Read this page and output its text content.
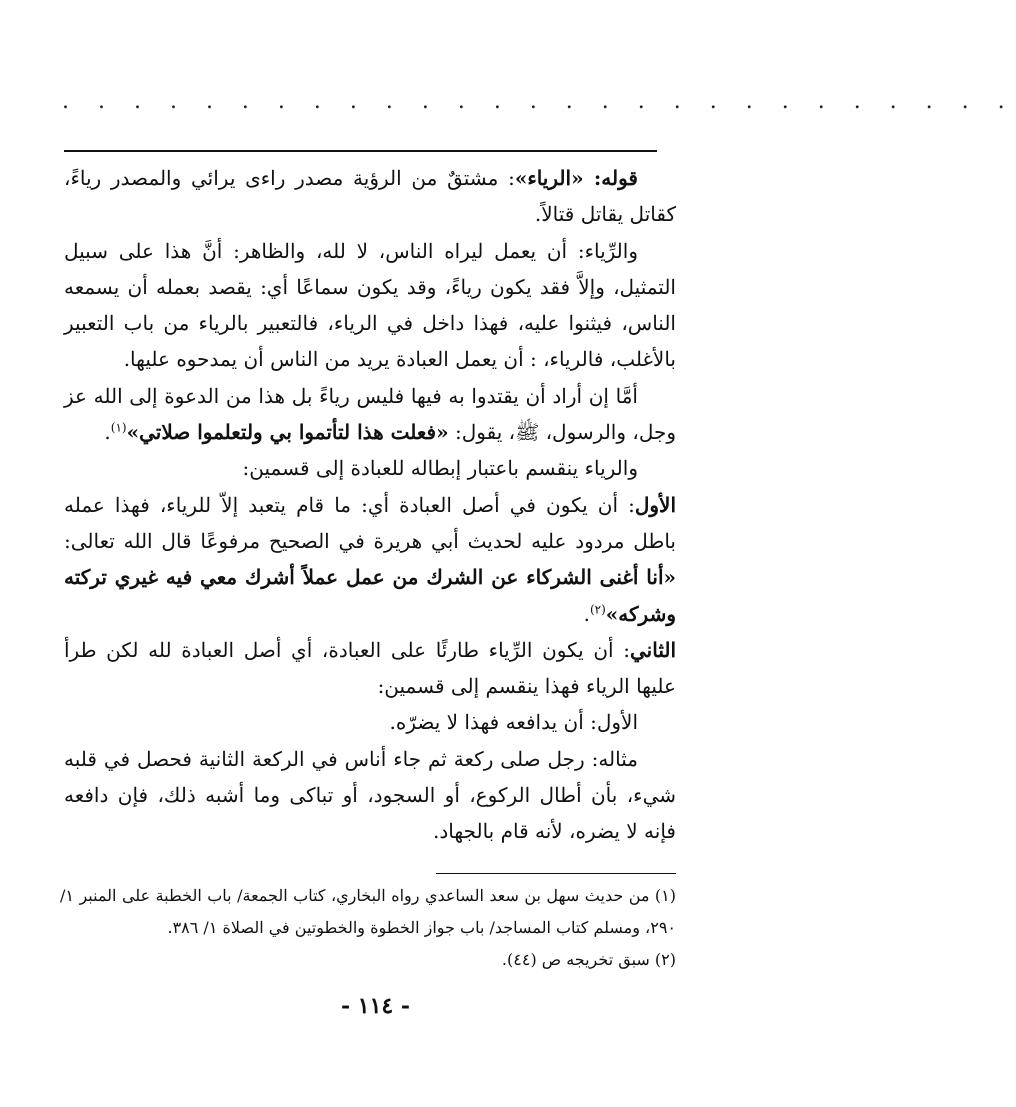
. . . . . . . . . . . . . . . . . . . . . . . . . . .

قوله: «الرياء»: مشتقٌ من الرؤية مصدر راءى يرائي والمصدر رياءً، كقاتل يقاتل قتالاً.

والرِّياء: أن يعمل ليراه الناس، لا لله، والظاهر: أنَّ هذا على سبيل التمثيل، وإلاَّ فقد يكون رياءً، وقد يكون سماعًا أي: يقصد بعمله أن يسمعه الناس، فيثنوا عليه، فهذا داخل في الرياء، فالتعبير بالرياء من باب التعبير بالأغلب، فالرياء، : أن يعمل العبادة يريد من الناس أن يمدحوه عليها.

أمَّا إن أراد أن يقتدوا به فيها فليس رياءً بل هذا من الدعوة إلى الله عز وجل، والرسول، ﷺ، يقول: «فعلت هذا لتأتموا بي ولتعلموا صلاتي»$^{(١)}$.

والرياء ينقسم باعتبار إبطاله للعبادة إلى قسمين:

الأول: أن يكون في أصل العبادة أي: ما قام يتعبد إلاّ للرياء، فهذا عمله باطل مردود عليه لحديث أبي هريرة في الصحيح مرفوعًا قال الله تعالى: «أنا أغنى الشركاء عن الشرك من عمل عملاً أشرك معي فيه غيري تركته وشركه»$^{(٢)}$.

الثاني: أن يكون الرِّياء طارئًا على العبادة، أي أصل العبادة لله لكن طرأ عليها الرياء فهذا ينقسم إلى قسمين:

الأول: أن يدافعه فهذا لا يضرّه.

مثاله: رجل صلى ركعة ثم جاء أناس في الركعة الثانية فحصل في قلبه شيء، بأن أطال الركوع، أو السجود، أو تباكى وما أشبه ذلك، فإن دافعه فإنه لا يضره، لأنه قام بالجهاد.

(١) من حديث سهل بن سعد الساعدي رواه البخاري، كتاب الجمعة/ باب الخطبة على المنبر ١/ ٢٩٠، ومسلم كتاب المساجد/ باب جواز الخطوة والخطوتين في الصلاة ١/ ٣٨٦.

(٢) سبق تخريجه ص (٤٤).

- ١١٤ -
